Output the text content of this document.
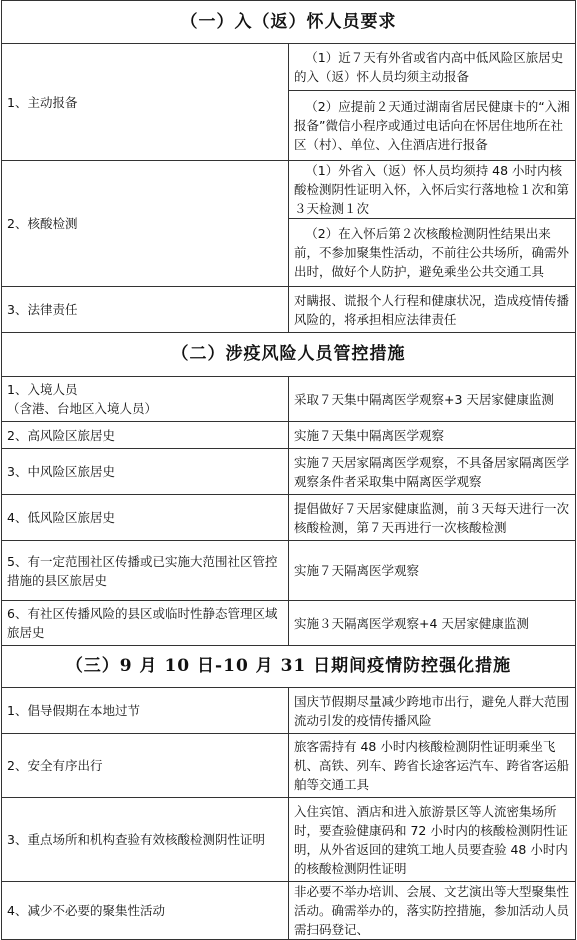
（一）入（返）怀人员要求	
1、主动报备	（1）近７天有外省或省内高中低风险区旅居史的入（返）怀人员均须主动报备
	（2）应提前２天通过湖南省居民健康卡的“入湘报备”微信小程序或通过电话向在怀居住地所在社区（村）、单位、入住酒店进行报备
2、核酸检测	（1）外省入（返）怀人员均须持 48 小时内核酸检测阴性证明入怀，入怀后实行落地检１次和第３天检测１次
	（2）在入怀后第２次核酸检测阴性结果出来前，不参加聚集性活动，不前往公共场所，确需外出时，做好个人防护，避免乘坐公共交通工具
3、法律责任	对瞒报、谎报个人行程和健康状况，造成疫情传播风险的，将承担相应法律责任
（二）涉疫风险人员管控措施	

1、入境人员
（含港、台地区入境人员）	采取７天集中隔离医学观察+3 天居家健康监测
2、高风险区旅居史	实施７天集中隔离医学观察
3、中风险区旅居史	实施７天居家隔离医学观察，不具备居家隔离医学观察条件者采取集中隔离医学观察
4、低风险区旅居史	提倡做好７天居家健康监测，前３天每天进行一次核酸检测，第７天再进行一次核酸检测
5、有一定范围社区传播或已实施大范围社区管控措施的县区旅居史	实施７天隔离医学观察
6、有社区传播风险的县区或临时性静态管理区域旅居史	实施３天隔离医学观察+4 天居家健康监测
（三）9 月 10 日-10 月 31 日期间疫情防控强化措施	
1、倡导假期在本地过节	国庆节假期尽量减少跨地市出行，避免人群大范围流动引发的疫情传播风险
2、安全有序出行	旅客需持有 48 小时内核酸检测阴性证明乘坐飞机、高铁、列车、跨省长途客运汽车、跨省客运船舶等交通工具
3、重点场所和机构查验有效核酸检测阴性证明	入住宾馆、酒店和进入旅游景区等人流密集场所时，要查验健康码和 72 小时内的核酸检测阴性证明，从外省返回的建筑工地人员要查验 48 小时内的核酸检测阴性证明
4、减少不必要的聚集性活动	非必要不举办培训、会展、文艺演出等大型聚集性活动。确需举办的，落实防控措施，参加活动人员需扫码登记、
